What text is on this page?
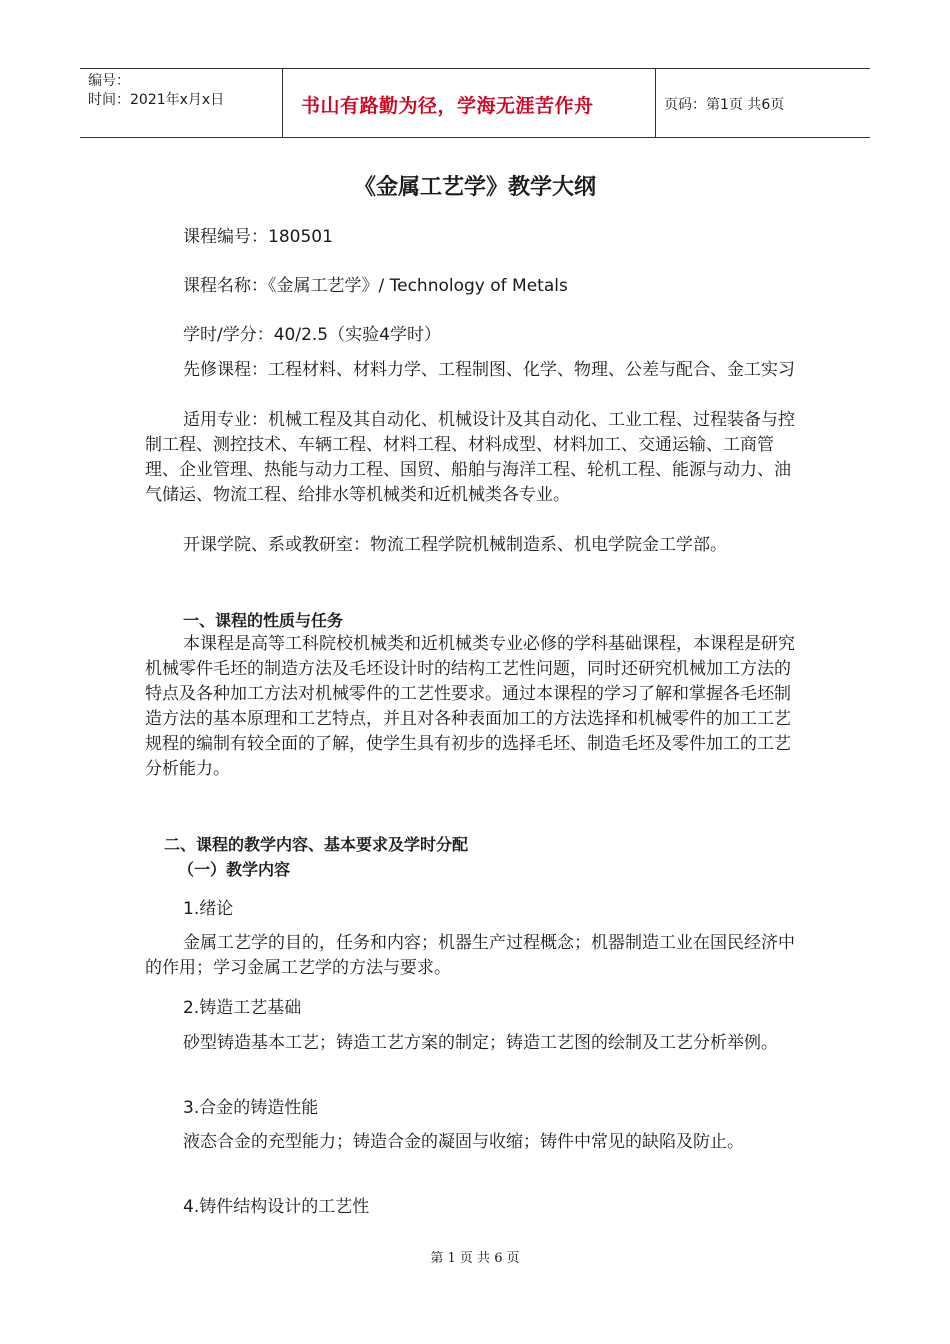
编号：
时间：2021年x月x日	书山有路勤为径，学海无涯苦作舟	页码：第1页 共6页
《金属工艺学》教学大纲
课程编号：180501
课程名称：《金属工艺学》/ Technology of Metals
学时/学分：40/2.5（实验4学时）
先修课程：工程材料、材料力学、工程制图、化学、物理、公差与配合、金工实习
适用专业：机械工程及其自动化、机械设计及其自动化、工业工程、过程装备与控制工程、测控技术、车辆工程、材料工程、材料成型、材料加工、交通运输、工商管理、企业管理、热能与动力工程、国贸、船舶与海洋工程、轮机工程、能源与动力、油气储运、物流工程、给排水等机械类和近机械类各专业。
开课学院、系或教研室：物流工程学院机械制造系、机电学院金工学部。
一、课程的性质与任务
本课程是高等工科院校机械类和近机械类专业必修的学科基础课程，本课程是研究机械零件毛坯的制造方法及毛坯设计时的结构工艺性问题，同时还研究机械加工方法的特点及各种加工方法对机械零件的工艺性要求。通过本课程的学习了解和掌握各毛坯制造方法的基本原理和工艺特点，并且对各种表面加工的方法选择和机械零件的加工工艺规程的编制有较全面的了解，使学生具有初步的选择毛坯、制造毛坯及零件加工的工艺分析能力。
二、课程的教学内容、基本要求及学时分配
（一）教学内容
1.绪论
金属工艺学的目的，任务和内容；机器生产过程概念；机器制造工业在国民经济中的作用；学习金属工艺学的方法与要求。
2.铸造工艺基础
砂型铸造基本工艺；铸造工艺方案的制定；铸造工艺图的绘制及工艺分析举例。
3.合金的铸造性能
液态合金的充型能力；铸造合金的凝固与收缩；铸件中常见的缺陷及防止。
4.铸件结构设计的工艺性
第 1 页 共 6 页
